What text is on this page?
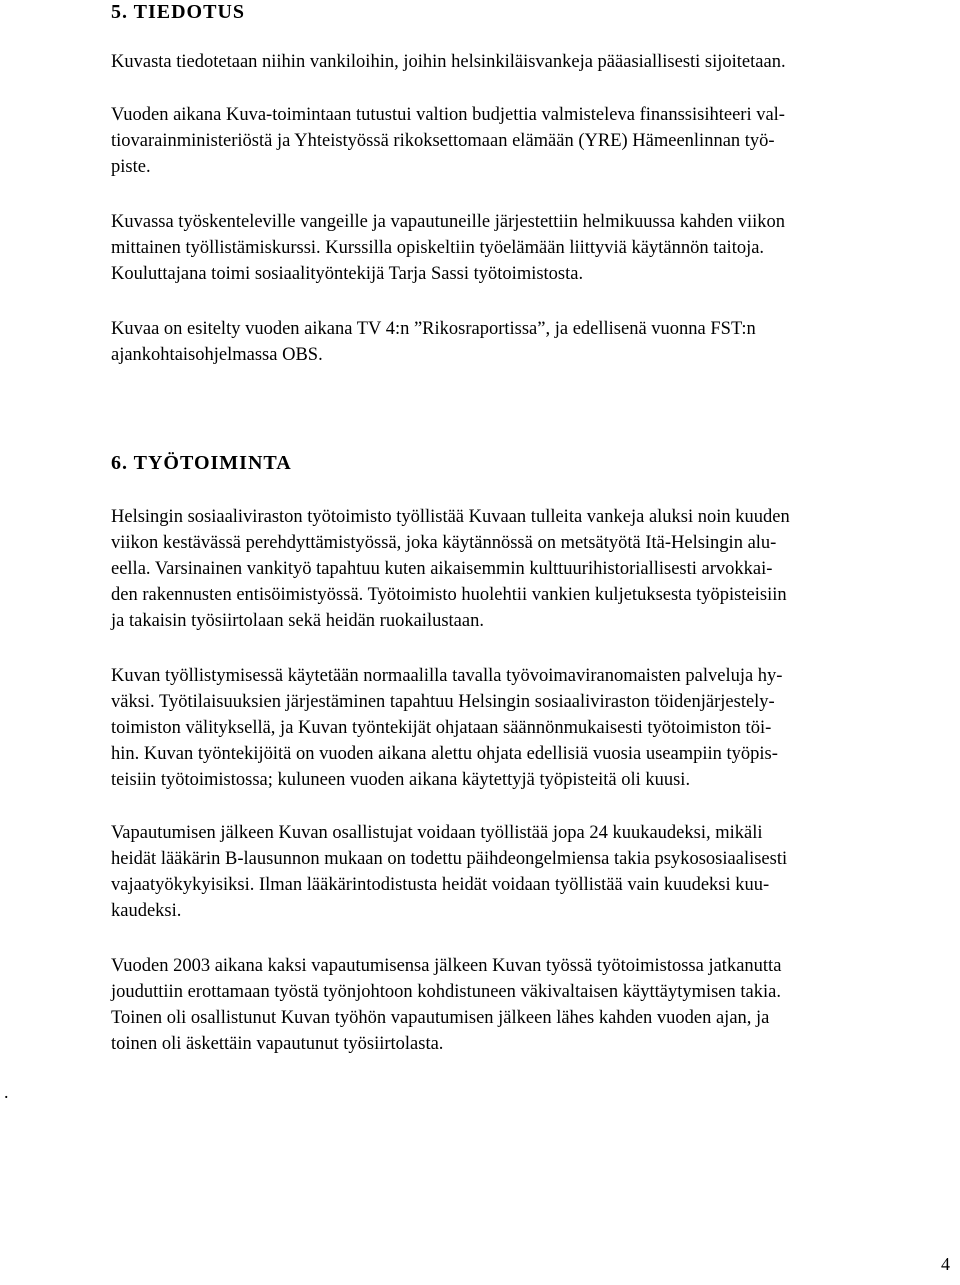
5. TIEDOTUS

Kuvasta tiedotetaan niihin vankiloihin, joihin helsinkiläisvankeja pääasiallisesti sijoitetaan.

Vuoden aikana Kuva-toimintaan tutustui valtion budjettia valmisteleva finanssisihteeri val-
tiovarainministeriöstä ja Yhteistyössä rikoksettomaan elämään (YRE) Hämeenlinnan työ-
piste.

Kuvassa työskenteleville vangeille ja vapautuneille järjestettiin helmikuussa kahden viikon
mittainen työllistämiskurssi. Kurssilla opiskeltiin työelämään liittyviä käytännön taitoja.
Kouluttajana toimi sosiaalityöntekijä Tarja Sassi työtoimistosta.

Kuvaa on esitelty vuoden aikana TV 4:n ”Rikosraportissa”, ja edellisenä vuonna FST:n
ajankohtaisohjelmassa OBS.

6. TYÖTOIMINTA

Helsingin sosiaaliviraston työtoimisto työllistää Kuvaan tulleita vankeja aluksi noin kuuden
viikon kestävässä perehdyttämistyössä, joka käytännössä on metsätyötä Itä-Helsingin alu-
eella. Varsinainen vankityö tapahtuu kuten aikaisemmin kulttuurihistoriallisesti arvokkai-
den rakennusten entisöimistyössä. Työtoimisto huolehtii vankien kuljetuksesta työpisteisiin
ja takaisin työsiirtolaan sekä heidän ruokailustaan.

Kuvan työllistymisessä käytetään normaalilla tavalla työvoimaviranomaisten palveluja hy-
väksi. Työtilaisuuksien järjestäminen tapahtuu Helsingin sosiaaliviraston töidenjärjestely-
toimiston välityksellä, ja Kuvan työntekijät ohjataan säännönmukaisesti työtoimiston töi-
hin. Kuvan työntekijöitä on vuoden aikana alettu ohjata edellisiä vuosia useampiin työpis-
teisiin työtoimistossa; kuluneen vuoden aikana käytettyjä työpisteitä oli kuusi.

Vapautumisen jälkeen Kuvan osallistujat voidaan työllistää jopa 24 kuukaudeksi, mikäli
heidät lääkärin B-lausunnon mukaan on todettu päihdeongelmiensa takia psykososiaalisesti
vajaatyökykyisiksi. Ilman lääkärintodistusta heidät voidaan työllistää vain kuudeksi kuu-
kaudeksi.

Vuoden 2003 aikana kaksi vapautumisensa jälkeen Kuvan työssä työtoimistossa jatkanutta
jouduttiin erottamaan työstä työnjohtoon kohdistuneen väkivaltaisen käyttäytymisen takia.
Toinen oli osallistunut Kuvan työhön vapautumisen jälkeen lähes kahden vuoden ajan, ja
toinen oli äskettäin vapautunut työsiirtolasta.

.
4
